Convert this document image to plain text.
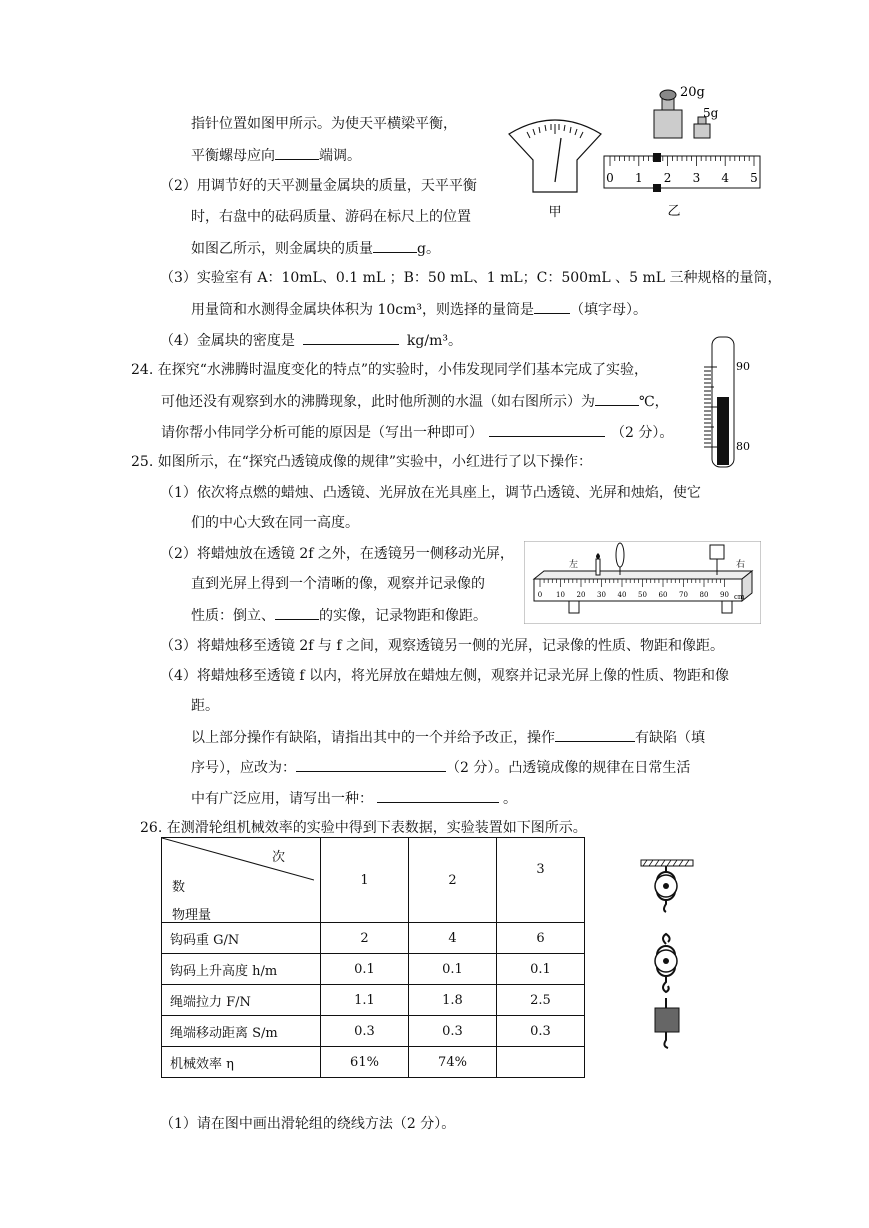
指针位置如图甲所示。为使天平横梁平衡，
平衡螺母应向	端调。
（2）用调节好的天平测量金属块的质量，天平平衡
时，右盘中的砝码质量、游码在标尺上的位置
如图乙所示，则金属块的质量	g。
（3）实验室有 A：10mL、0.1 mL ；B：50 mL、1 mL；C：500mL 、5 mL 三种规格的量筒，
用量筒和水测得金属块体积为 10cm³，则选择的量筒是	（填字母）。
（4）金属块的密度是	kg/m³。
24. 在探究“水沸腾时温度变化的特点”的实验时，小伟发现同学们基本完成了实验，
可他还没有观察到水的沸腾现象，此时他所测的水温（如右图所示）为	℃，
请你帮小伟同学分析可能的原因是（写出一种即可）	（2 分）。
25. 如图所示，在“探究凸透镜成像的规律”实验中，小红进行了以下操作：
（1）依次将点燃的蜡烛、凸透镜、光屏放在光具座上，调节凸透镜、光屏和烛焰，使它
们的中心大致在同一高度。
（2）将蜡烛放在透镜 2f 之外，在透镜另一侧移动光屏，
直到光屏上得到一个清晰的像，观察并记录像的
性质：倒立、	的实像，记录物距和像距。
（3）将蜡烛移至透镜 2f 与 f 之间，观察透镜另一侧的光屏，记录像的性质、物距和像距。
（4）将蜡烛移至透镜 f 以内，将光屏放在蜡烛左侧，观察并记录光屏上像的性质、物距和像
距。
以上部分操作有缺陷，请指出其中的一个并给予改正，操作	有缺陷（填
序号），应改为：	（2 分）。凸透镜成像的规律在日常生活
中有广泛应用，请写出一种：	。
26. 在测滑轮组机械效率的实验中得到下表数据，实验装置如下图所示。
（1）请在图中画出滑轮组的绕线方法（2 分）。
甲
20g
5g
乙
0 1 2 3 4 5
90
80
0 10 20 30 40 50 60 70 80 90 cm
左	右
次
数
物理量	1	2	3
钩码重 G/N	2	4	6
钩码上升高度 h/m	0.1	0.1	0.1
绳端拉力 F/N	1.1	1.8	2.5
绳端移动距离 S/m	0.3	0.3	0.3
机械效率 η	61%	74%	
